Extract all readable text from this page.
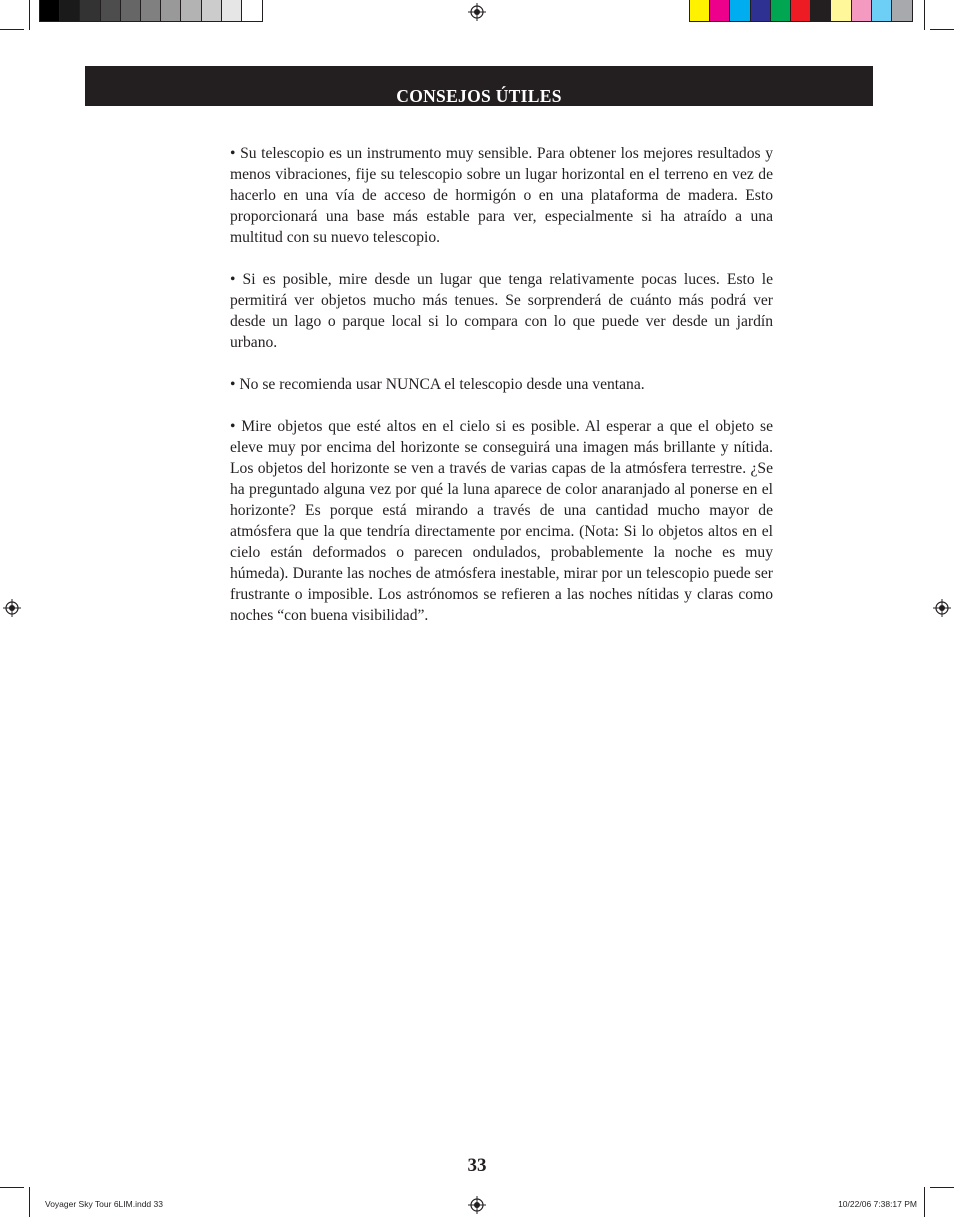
CONSEJOS ÚTILES

• Su telescopio es un instrumento muy sensible. Para obtener los mejores resultados y menos vibraciones, fije su telescopio sobre un lugar horizontal en el terreno en vez de hacerlo en una vía de acceso de hormigón o en una plataforma de madera. Esto proporcionará una base más estable para ver, especialmente si ha atraído a una multitud con su nuevo telescopio.

• Si es posible, mire desde un lugar que tenga relativamente pocas luces. Esto le permitirá ver objetos mucho más tenues. Se sorprenderá de cuánto más podrá ver desde un lago o parque local si lo compara con lo que puede ver desde un jardín urbano.

• No se recomienda usar NUNCA el telescopio desde una ventana.

• Mire objetos que esté altos en el cielo si es posible. Al esperar a que el objeto se eleve muy por encima del horizonte se conseguirá una imagen más brillante y nítida. Los objetos del horizonte se ven a través de varias capas de la atmósfera terrestre. ¿Se ha preguntado alguna vez por qué la luna aparece de color anaranjado al ponerse en el horizonte? Es porque está mirando a través de una cantidad mucho mayor de atmósfera que la que tendría directamente por encima. (Nota: Si lo objetos altos en el cielo están deformados o parecen ondulados, probablemente la noche es muy húmeda). Durante las noches de atmósfera inestable, mirar por un telescopio puede ser frustrante o imposible. Los astrónomos se refieren a las noches nítidas y claras como noches “con buena visibilidad”.

33
Voyager Sky Tour 6LIM.indd 33	10/22/06 7:38:17 PM
